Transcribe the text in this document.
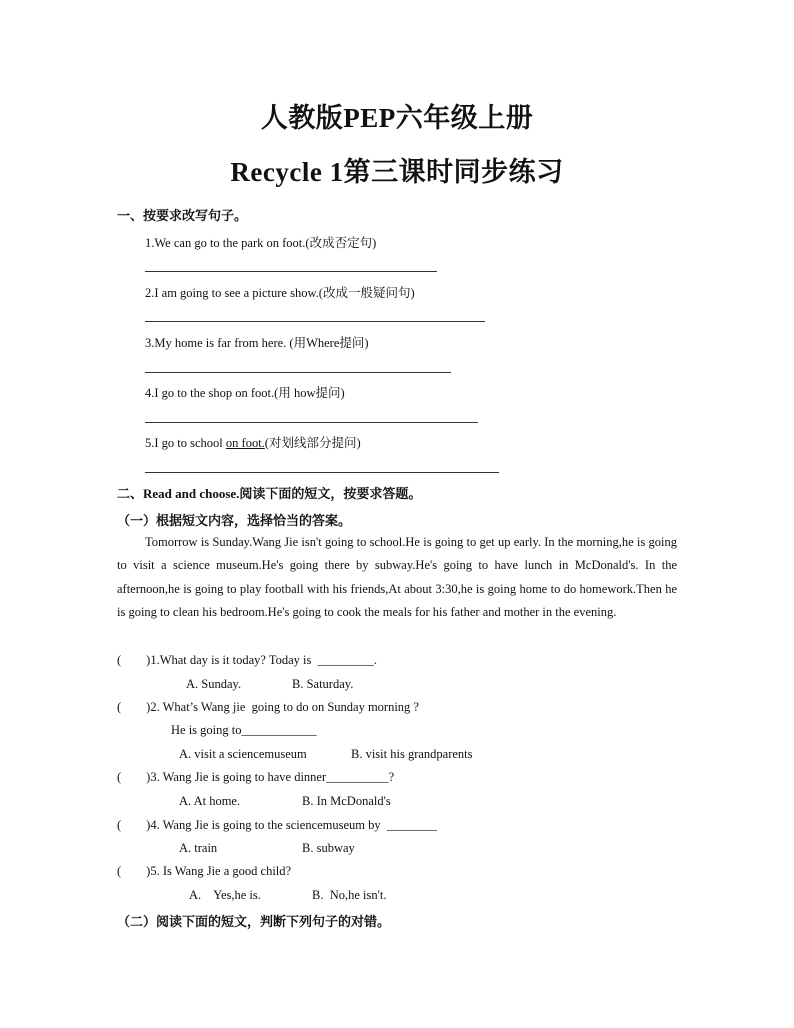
人教版PEP六年级上册
Recycle 1第三课时同步练习
一、按要求改写句子。
1.We can go to the park on foot.(改成否定句)
2.I am going to see a picture show.(改成一般疑问句)
3.My home is far from here. (用Where提问)
4.I go to the shop on foot.(用 how提问)
5.I go to school on foot.(对划线部分提问)
二、Read and choose.阅读下面的短文，按要求答题。
（一）根据短文内容，选择恰当的答案。
Tomorrow is Sunday.Wang Jie isn't going to school.He is going to get up early. In the morning,he is going to visit a science museum.He's going there by subway.He's going to have lunch in McDonald's. In the afternoon,he is going to play football with his friends,At about 3:30,he is going home to do homework.Then he is going to clean his bedroom.He's going to cook the meals for his father and mother in the evening.
(        )1.What day is it today? Today is  _________.
A. Sunday.	B. Saturday.
(        )2. What’s Wang jie  going to do on Sunday morning ?
He is going to____________
A. visit a sciencemuseum	B. visit his grandparents
(        )3. Wang Jie is going to have dinner__________?
A. At home.	B. In McDonald's
(        )4. Wang Jie is going to the sciencemuseum by  ________
A. train	B. subway
(        )5. Is Wang Jie a good child?
A.    Yes,he is.	B.  No,he isn't.
（二）阅读下面的短文，判断下列句子的对错。
